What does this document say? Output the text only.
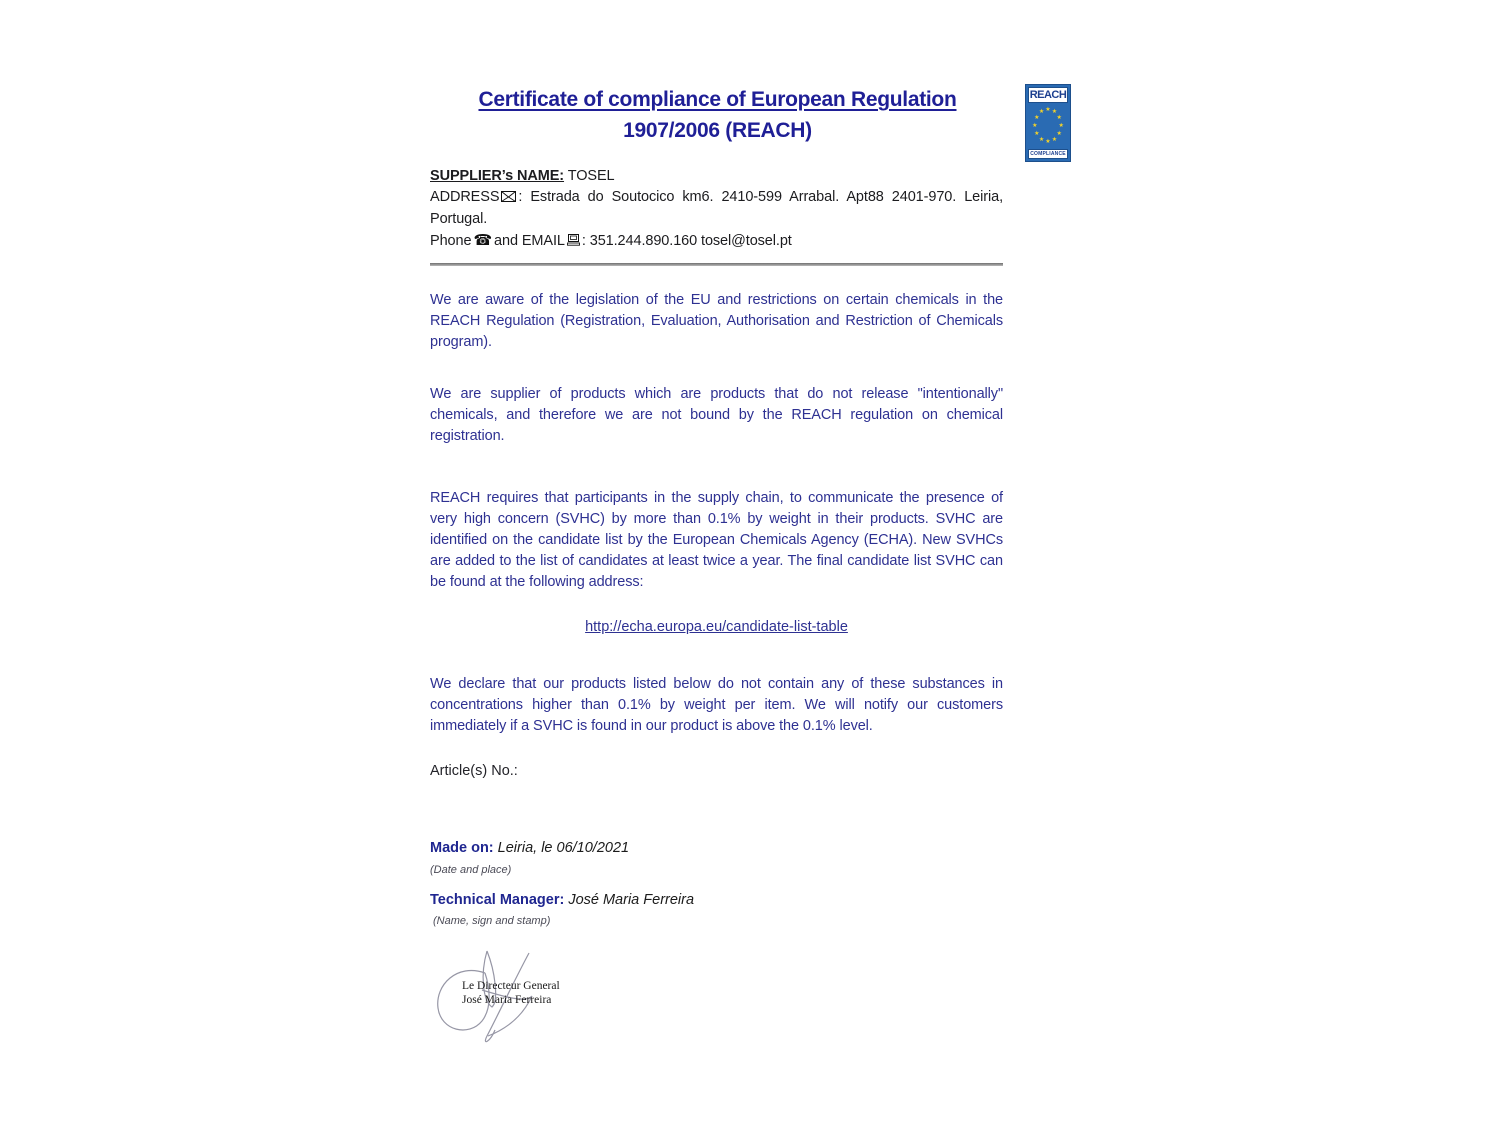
Certificate of compliance of European Regulation
1907/2006 (REACH)
REACH
★ ★
★
★
★
★
★
★
★
★
★
★
COMPLIANCE

SUPPLIER’s NAME: TOSEL

ADDRESS : Estrada do Soutocico km6. 2410-599 Arrabal. Apt88 2401-970. Leiria, Portugal.

Phone ☎ and EMAIL : 351.244.890.160 tosel@tosel.pt

We are aware of the legislation of the EU and restrictions on certain chemicals in the REACH Regulation (Registration, Evaluation, Authorisation and Restriction of Chemicals program).

We are supplier of products which are products that do not release "intentionally" chemicals, and therefore we are not bound by the REACH regulation on chemical registration.

REACH requires that participants in the supply chain, to communicate the presence of very high concern (SVHC) by more than 0.1% by weight in their products. SVHC are identified on the candidate list by the European Chemicals Agency (ECHA). New SVHCs are added to the list of candidates at least twice a year. The final candidate list SVHC can be found at the following address:

http://echa.europa.eu/candidate-list-table

We declare that our products listed below do not contain any of these substances in concentrations higher than 0.1% by weight per item. We will notify our customers immediately if a SVHC is found in our product is above the 0.1% level.

Article(s) No.:
Made on: Leiria, le 06/10/2021
(Date and place)
Technical Manager: José Maria Ferreira
(Name, sign and stamp)
Le Directeur General
José Maria Ferreira
